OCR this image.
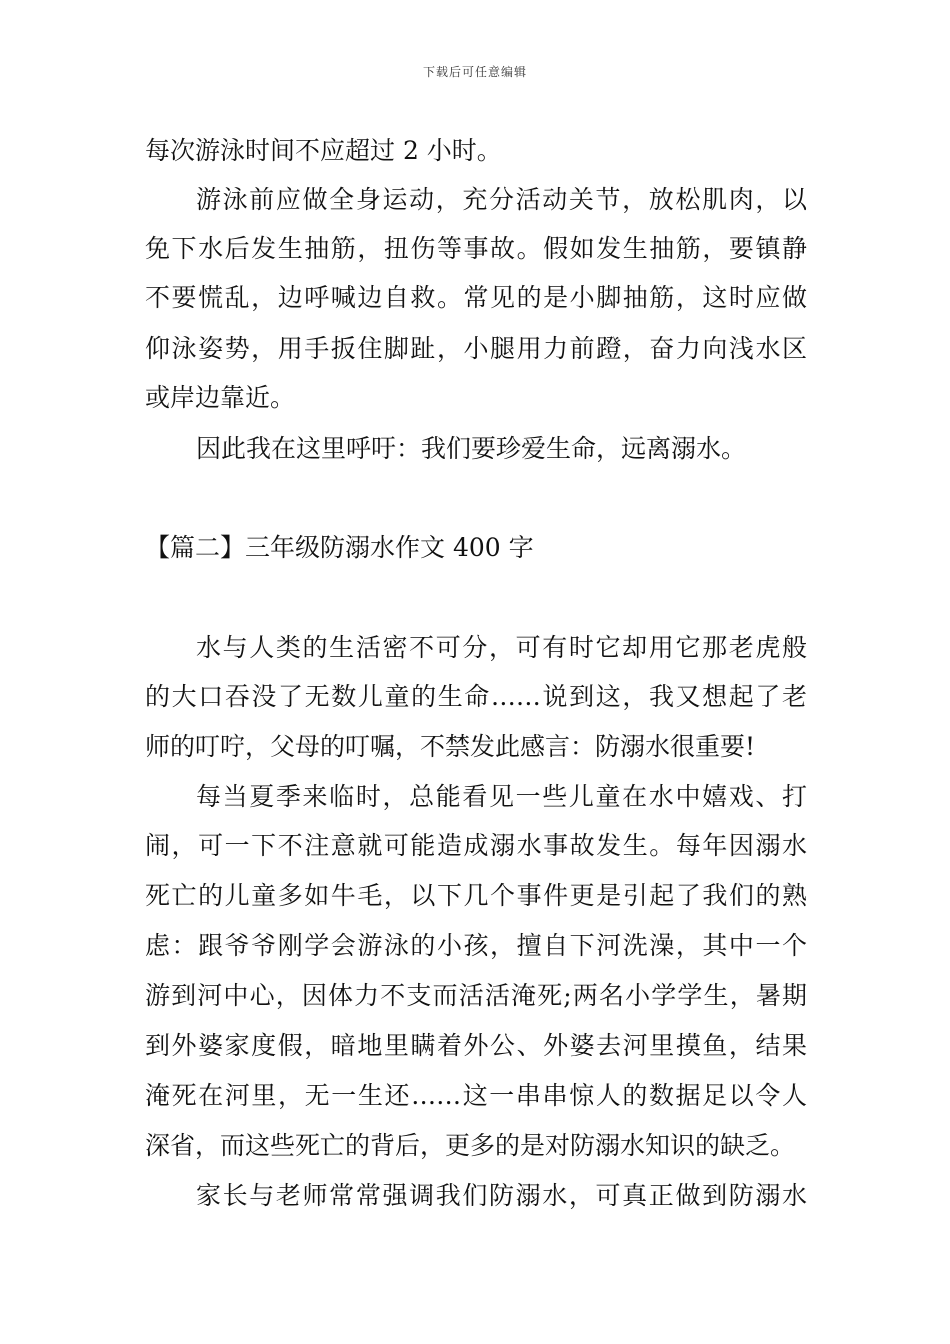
下载后可任意编辑
每次游泳时间不应超过 2 小时。
游泳前应做全身运动，充分活动关节，放松肌肉，以
免下水后发生抽筋，扭伤等事故。假如发生抽筋，要镇静
不要慌乱，边呼喊边自救。常见的是小脚抽筋，这时应做
仰泳姿势，用手扳住脚趾，小腿用力前蹬，奋力向浅水区
或岸边靠近。
因此我在这里呼吁：我们要珍爱生命，远离溺水。
【篇二】三年级防溺水作文 400 字
水与人类的生活密不可分，可有时它却用它那老虎般
的大口吞没了无数儿童的生命……说到这，我又想起了老
师的叮咛，父母的叮嘱，不禁发此感言：防溺水很重要!
每当夏季来临时，总能看见一些儿童在水中嬉戏、打
闹，可一下不注意就可能造成溺水事故发生。每年因溺水
死亡的儿童多如牛毛，以下几个事件更是引起了我们的熟
虑：跟爷爷刚学会游泳的小孩，擅自下河洗澡，其中一个
游到河中心，因体力不支而活活淹死;两名小学学生，暑期
到外婆家度假，暗地里瞒着外公、外婆去河里摸鱼，结果
淹死在河里，无一生还……这一串串惊人的数据足以令人
深省，而这些死亡的背后，更多的是对防溺水知识的缺乏。
家长与老师常常强调我们防溺水，可真正做到防溺水
